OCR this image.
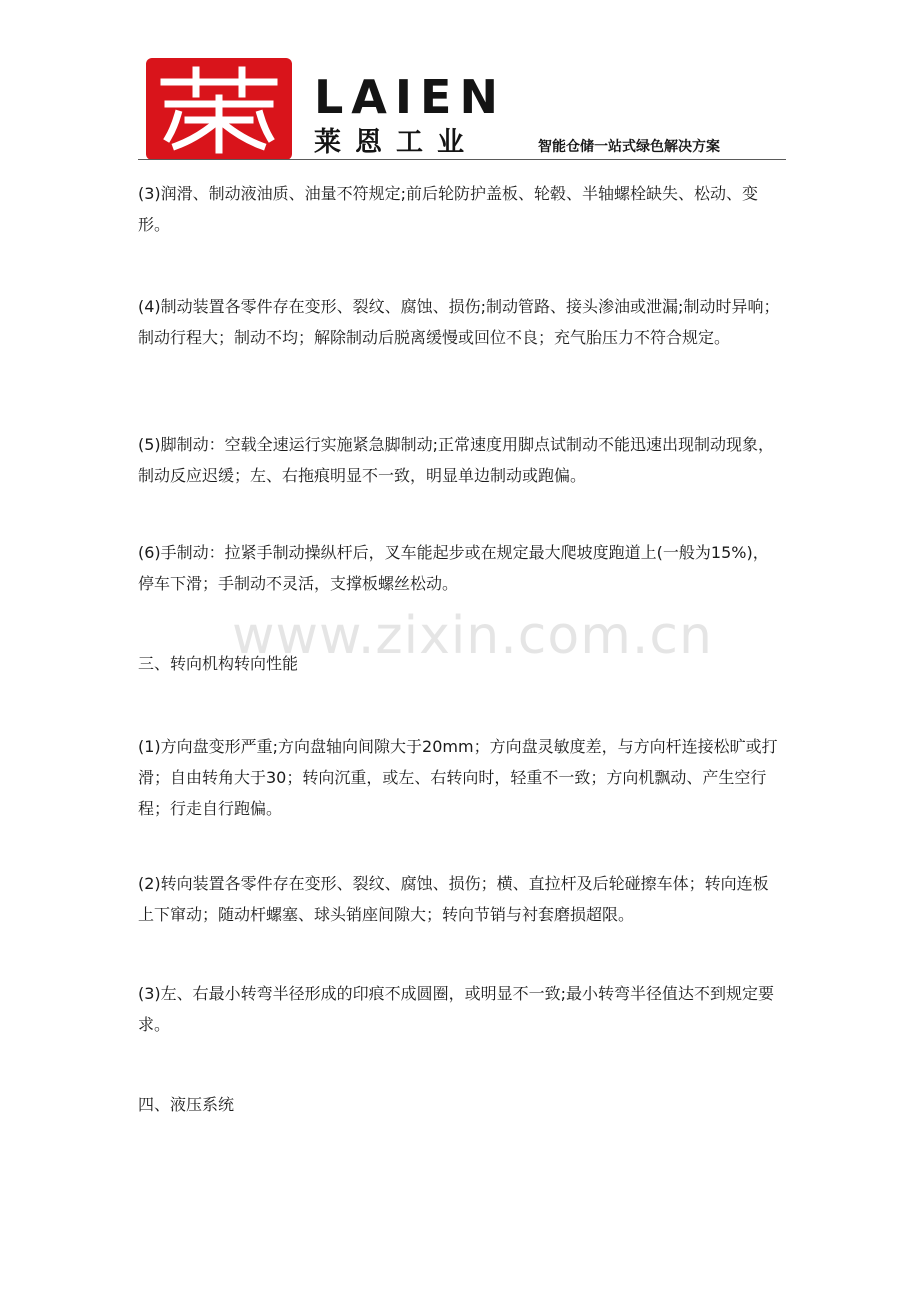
LAIEN
莱恩工业	智能仓储一站式绿色解决方案

(3)润滑、制动液油质、油量不符规定;前后轮防护盖板、轮毂、半轴螺栓缺失、松动、变形。

(4)制动装置各零件存在变形、裂纹、腐蚀、损伤;制动管路、接头渗油或泄漏;制动时异响；制动行程大；制动不均；解除制动后脱离缓慢或回位不良；充气胎压力不符合规定。

(5)脚制动：空载全速运行实施紧急脚制动;正常速度用脚点试制动不能迅速出现制动现象，制动反应迟缓；左、右拖痕明显不一致，明显单边制动或跑偏。

(6)手制动：拉紧手制动操纵杆后，叉车能起步或在规定最大爬坡度跑道上(一般为15%)，停车下滑；手制动不灵活，支撑板螺丝松动。

三、转向机构转向性能

(1)方向盘变形严重;方向盘轴向间隙大于20mm；方向盘灵敏度差，与方向杆连接松旷或打滑；自由转角大于30；转向沉重，或左、右转向时，轻重不一致；方向机飘动、产生空行程；行走自行跑偏。

(2)转向装置各零件存在变形、裂纹、腐蚀、损伤；横、直拉杆及后轮碰擦车体；转向连板上下窜动；随动杆螺塞、球头销座间隙大；转向节销与衬套磨损超限。

(3)左、右最小转弯半径形成的印痕不成圆圈，或明显不一致;最小转弯半径值达不到规定要求。

四、液压系统

www.zixin.com.cn
